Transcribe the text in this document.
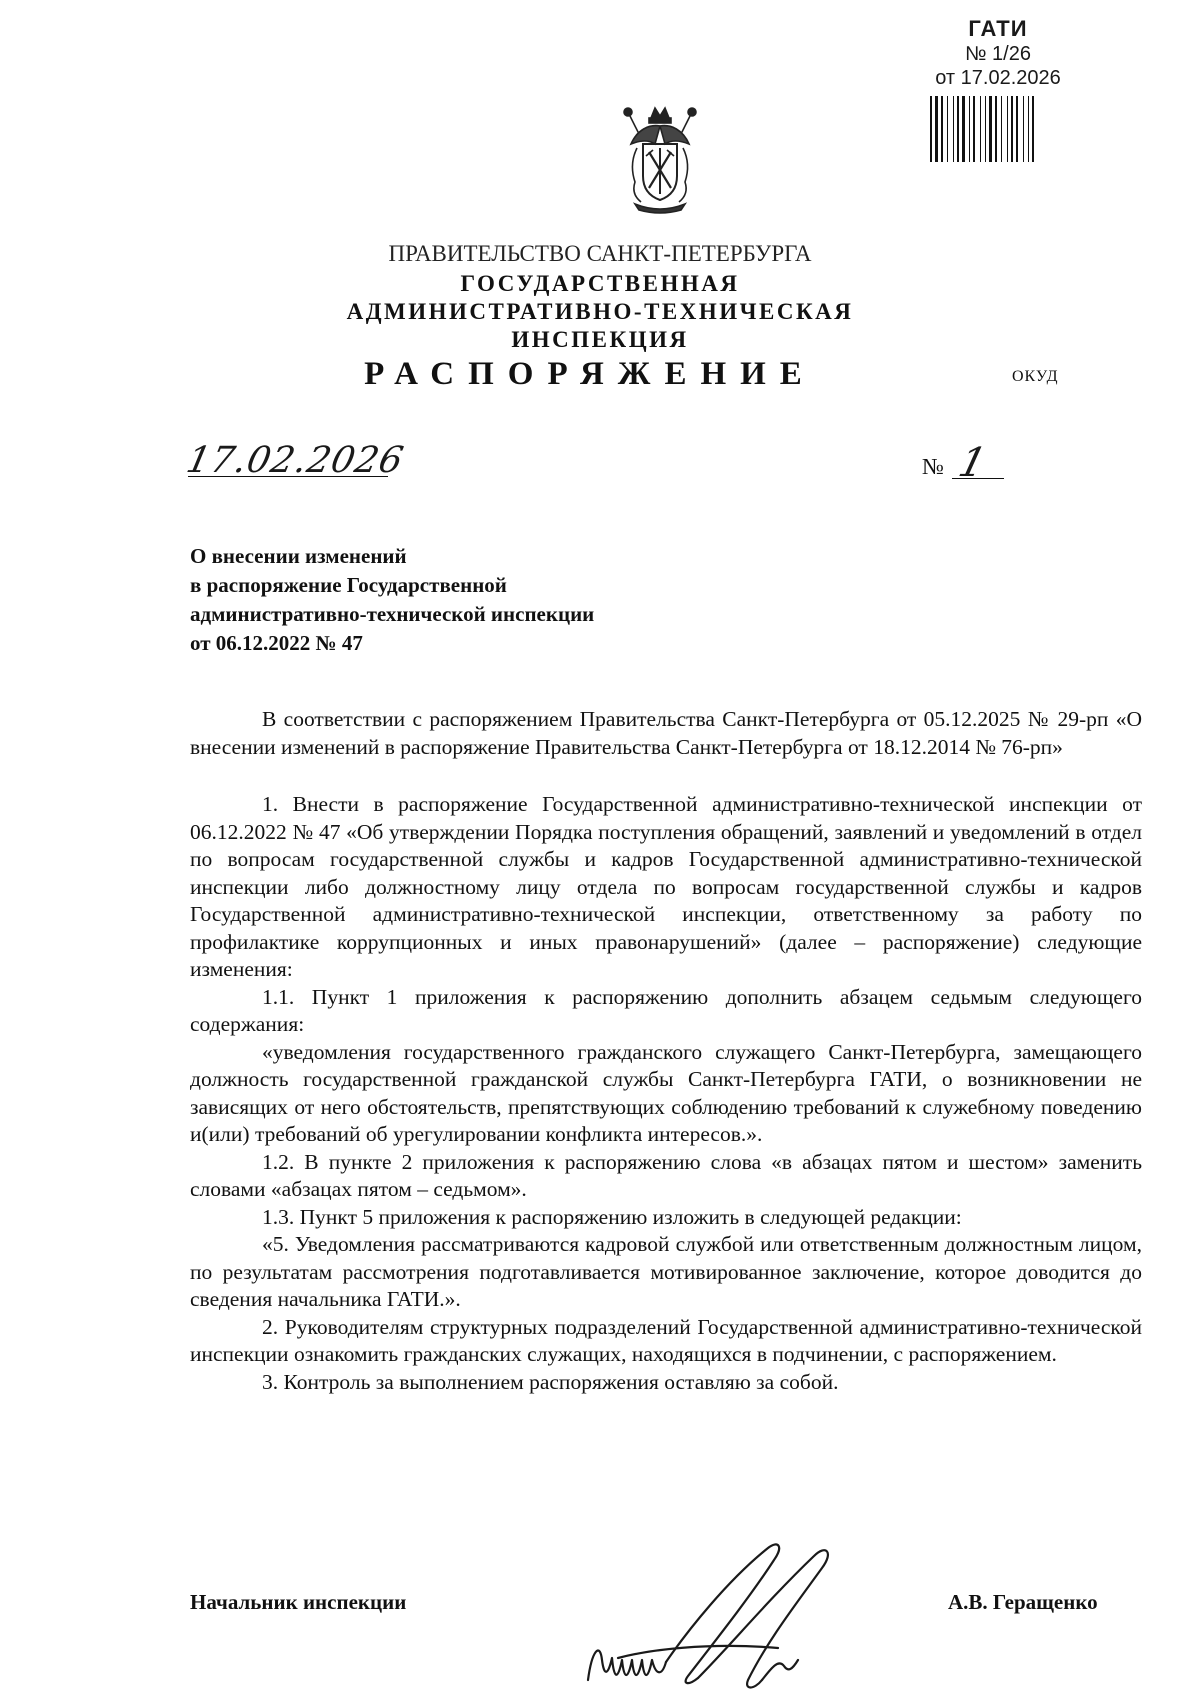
ГАТИ
№ 1/26
от 17.02.2026
ПРАВИТЕЛЬСТВО САНКТ-ПЕТЕРБУРГА
ГОСУДАРСТВЕННАЯ
АДМИНИСТРАТИВНО-ТЕХНИЧЕСКАЯ
ИНСПЕКЦИЯ
РАСПОРЯЖЕНИЕ	ОКУД
17.02.2026	№ 1
О внесении изменений
в распоряжение Государственной
административно-технической инспекции
от 06.12.2022 № 47

В соответствии с распоряжением Правительства Санкт-Петербурга от 05.12.2025 № 29-рп «О внесении изменений в распоряжение Правительства Санкт-Петербурга от 18.12.2014 № 76-рп»

1. Внести в распоряжение Государственной административно-технической инспекции от 06.12.2022 № 47 «Об утверждении Порядка поступления обращений, заявлений и уведомлений в отдел по вопросам государственной службы и кадров Государственной административно-технической инспекции либо должностному лицу отдела по вопросам государственной службы и кадров Государственной административно-технической инспекции, ответственному за работу по профилактике коррупционных и иных правонарушений» (далее – распоряжение) следующие изменения:

1.1. Пункт 1 приложения к распоряжению дополнить абзацем седьмым следующего содержания:

«уведомления государственного гражданского служащего Санкт-Петербурга, замещающего должность государственной гражданской службы Санкт-Петербурга ГАТИ, о возникновении не зависящих от него обстоятельств, препятствующих соблюдению требований к служебному поведению и(или) требований об урегулировании конфликта интересов.».

1.2. В пункте 2 приложения к распоряжению слова «в абзацах пятом и шестом» заменить словами «абзацах пятом – седьмом».

1.3. Пункт 5 приложения к распоряжению изложить в следующей редакции:

«5. Уведомления рассматриваются кадровой службой или ответственным должностным лицом, по результатам рассмотрения подготавливается мотивированное заключение, которое доводится до сведения начальника ГАТИ.».

2. Руководителям структурных подразделений Государственной административно-технической инспекции ознакомить гражданских служащих, находящихся в подчинении, с распоряжением.

3. Контроль за выполнением распоряжения оставляю за собой.

Начальник инспекции	А.В. Геращенко
